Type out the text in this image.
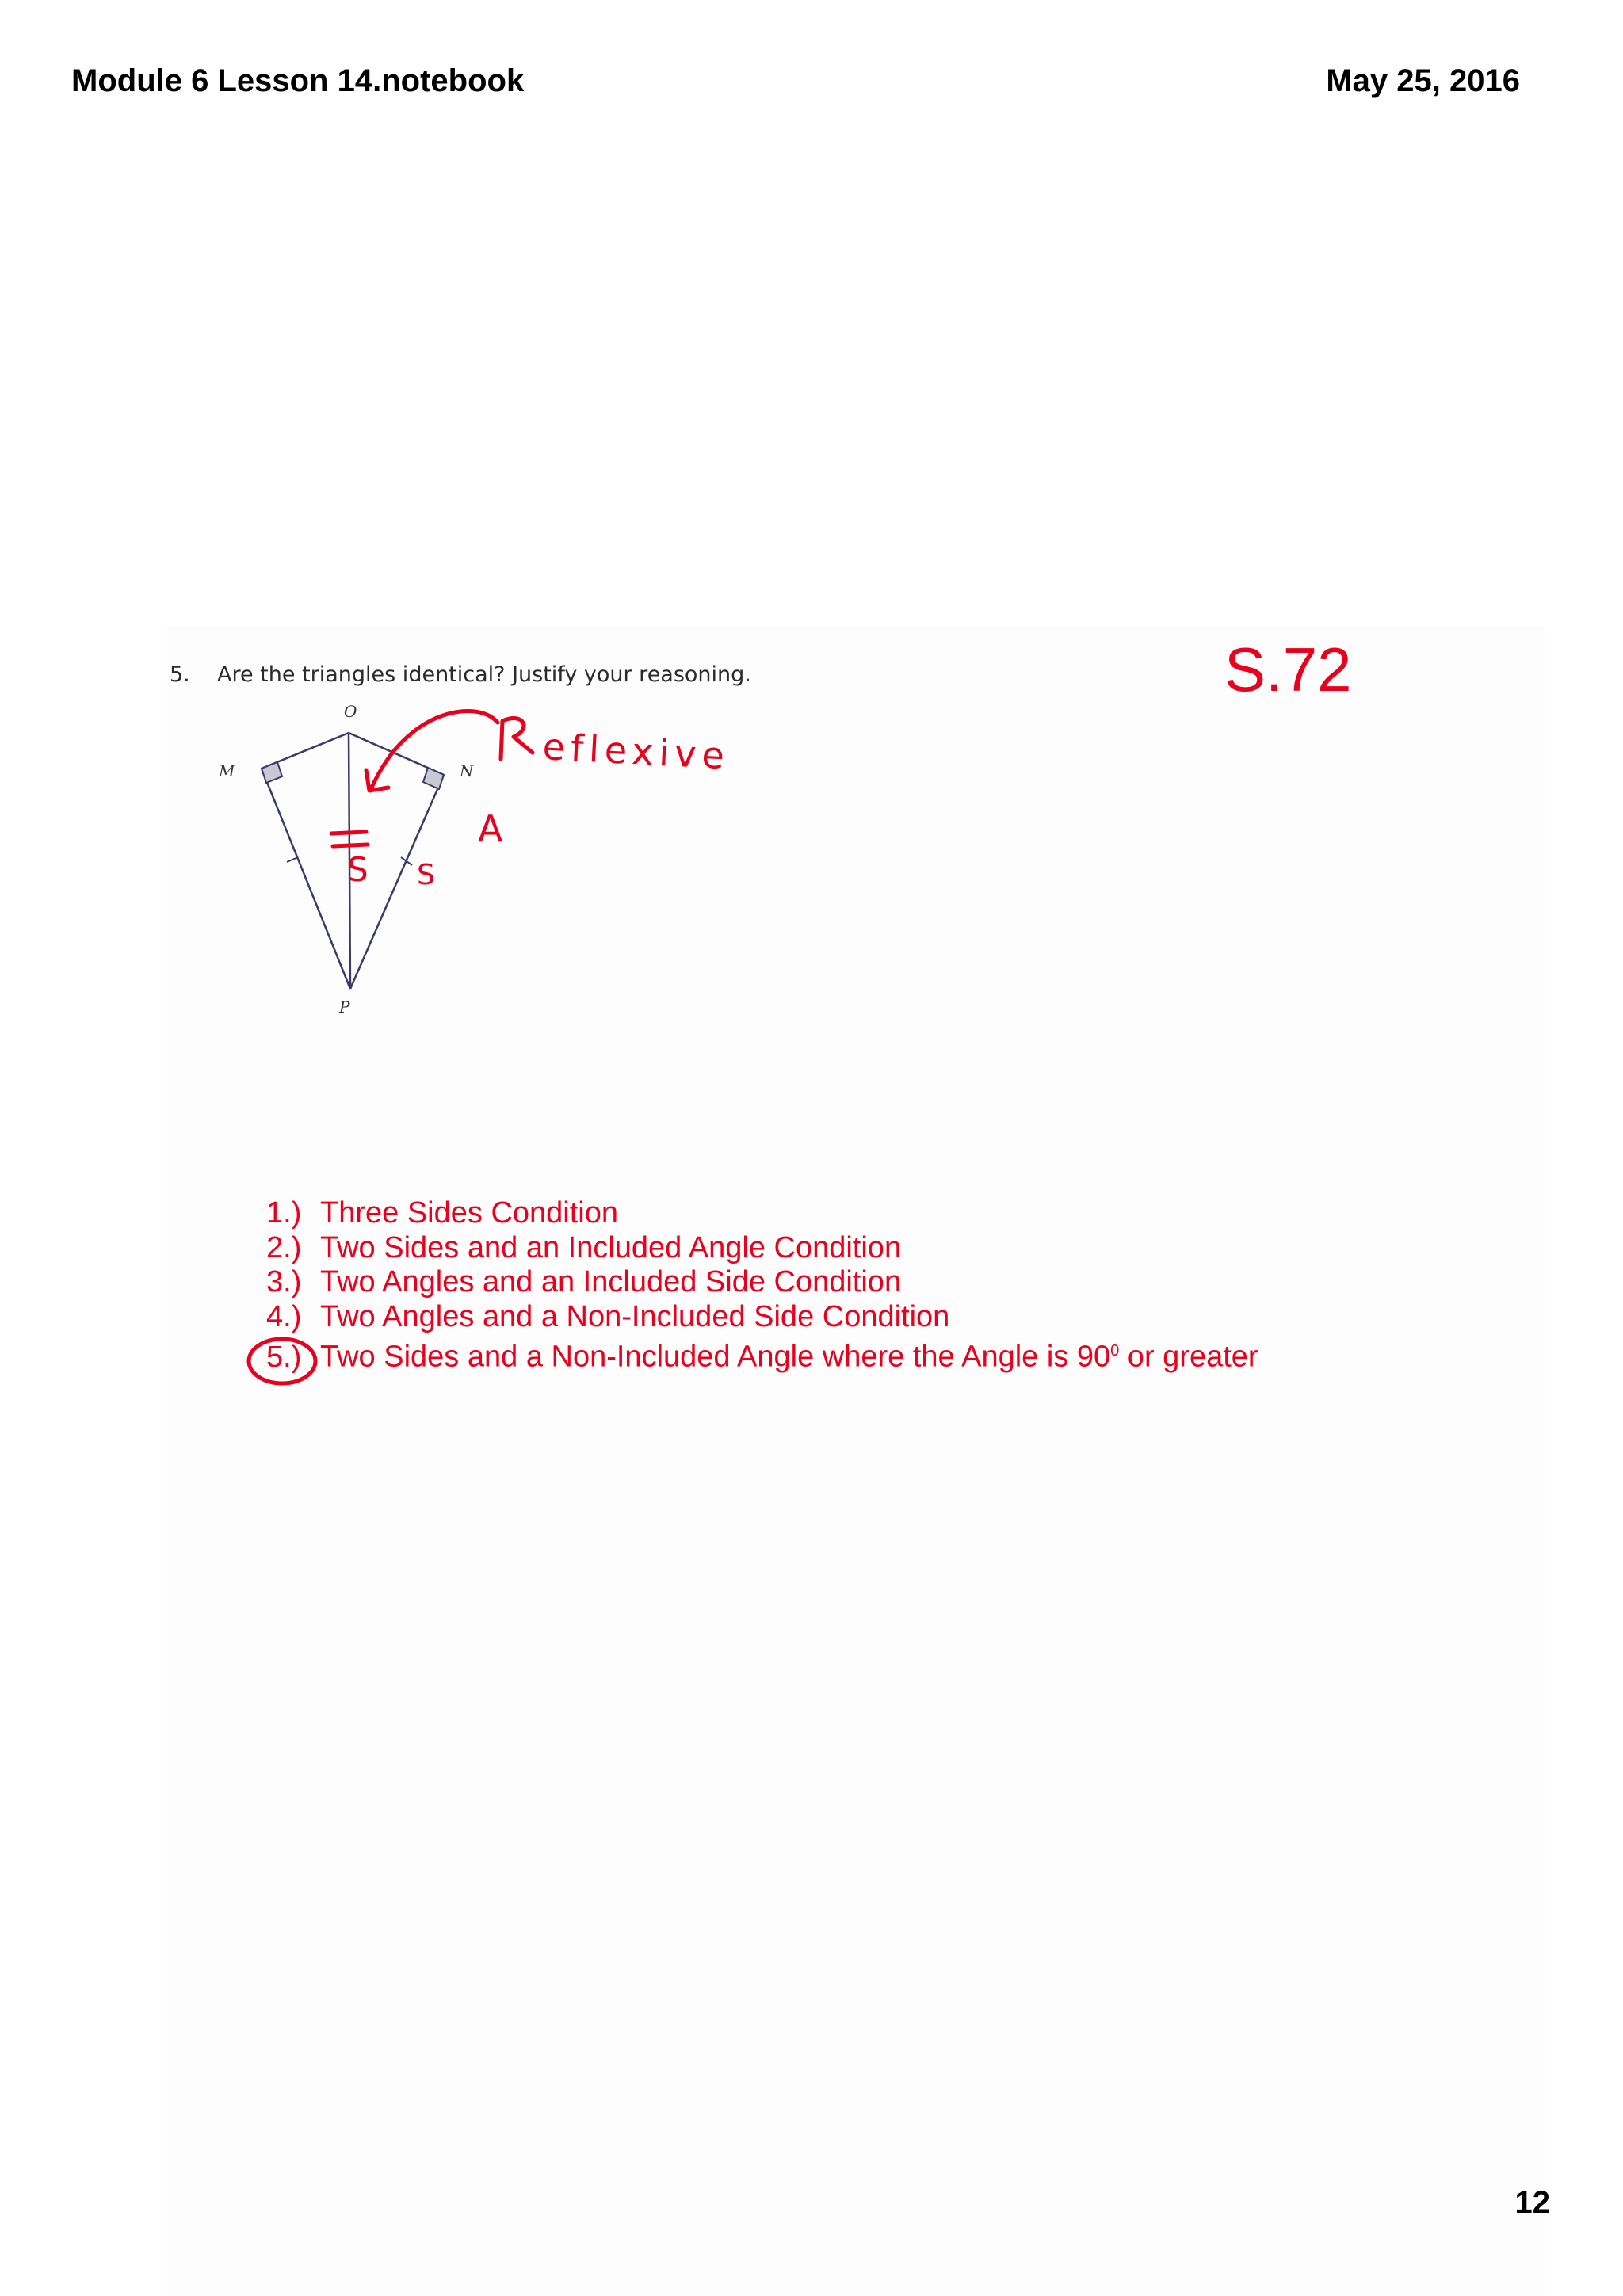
Module 6 Lesson 14.notebook	May 25, 2016
5. Are the triangles identical? Justify your reasoning.	S.72
O
M	N
P
eflexive
A
S S
1.) Three Sides Condition
2.) Two Sides and an Included Angle Condition
3.) Two Angles and an Included Side Condition
4.) Two Angles and a Non-Included Side Condition
5.) Two Sides and a Non-Included Angle where the Angle is $90^0$ or greater
12
